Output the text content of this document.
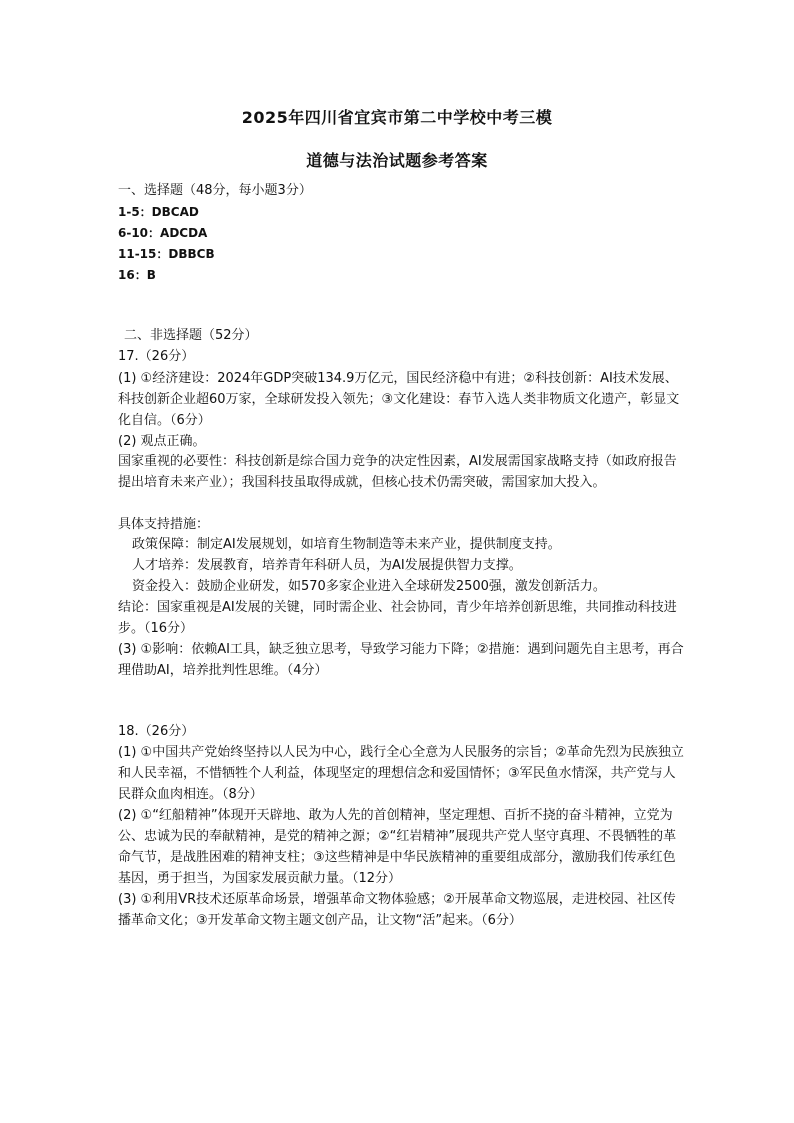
2025年四川省宜宾市第二中学校中考三模
道德与法治试题参考答案
一、选择题（48分，每小题3分）
1-5：DBCAD
6-10：ADCDA
11-15：DBBCB
16：B
二、非选择题（52分）
17.（26分）
(1) ①经济建设：2024年GDP突破134.9万亿元，国民经济稳中有进；②科技创新：AI技术发展、科技创新企业超60万家，全球研发投入领先；③文化建设：春节入选人类非物质文化遗产，彰显文化自信。（6分）
(2) 观点正确。
国家重视的必要性：科技创新是综合国力竞争的决定性因素，AI发展需国家战略支持（如政府报告提出培育未来产业）；我国科技虽取得成就，但核心技术仍需突破，需国家加大投入。
具体支持措施：
政策保障：制定AI发展规划，如培育生物制造等未来产业，提供制度支持。
人才培养：发展教育，培养青年科研人员，为AI发展提供智力支撑。
资金投入：鼓励企业研发，如570多家企业进入全球研发2500强，激发创新活力。
结论：国家重视是AI发展的关键，同时需企业、社会协同，青少年培养创新思维，共同推动科技进步。（16分）
(3) ①影响：依赖AI工具，缺乏独立思考，导致学习能力下降；②措施：遇到问题先自主思考，再合理借助AI，培养批判性思维。（4分）
18.（26分）
(1) ①中国共产党始终坚持以人民为中心，践行全心全意为人民服务的宗旨；②革命先烈为民族独立和人民幸福，不惜牺牲个人利益，体现坚定的理想信念和爱国情怀；③军民鱼水情深，共产党与人民群众血肉相连。（8分）
(2) ①“红船精神”体现开天辟地、敢为人先的首创精神，坚定理想、百折不挠的奋斗精神，立党为公、忠诚为民的奉献精神，是党的精神之源；②“红岩精神”展现共产党人坚守真理、不畏牺牲的革命气节，是战胜困难的精神支柱；③这些精神是中华民族精神的重要组成部分，激励我们传承红色基因，勇于担当，为国家发展贡献力量。（12分）
(3) ①利用VR技术还原革命场景，增强革命文物体验感；②开展革命文物巡展，走进校园、社区传播革命文化；③开发革命文物主题文创产品，让文物“活”起来。（6分）
